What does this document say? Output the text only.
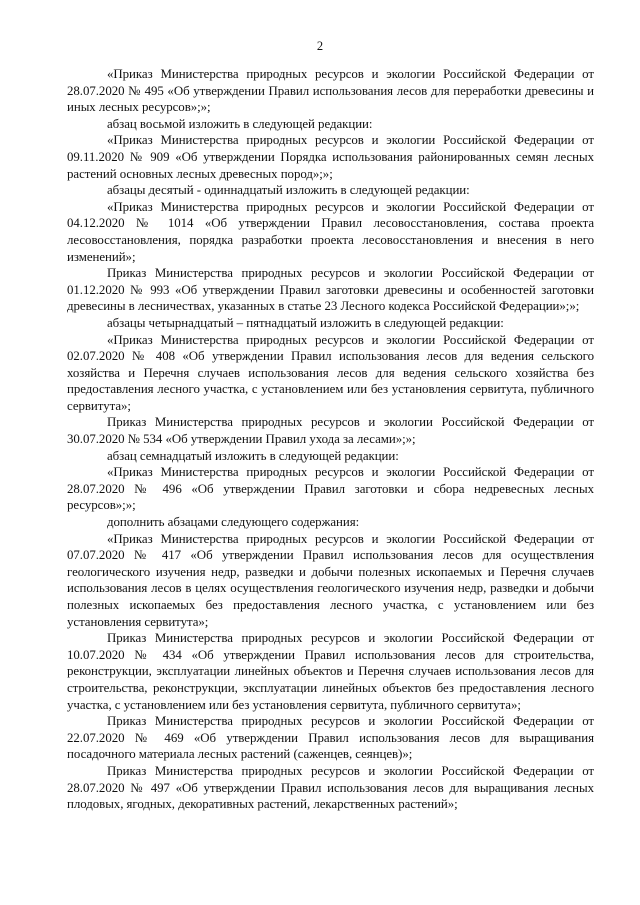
2

«Приказ Министерства природных ресурсов и экологии Российской Федерации от 28.07.2020 № 495 «Об утверждении Правил использования лесов для переработки древесины и иных лесных ресурсов»;»;

абзац восьмой изложить в следующей редакции:

«Приказ Министерства природных ресурсов и экологии Российской Федерации от 09.11.2020 № 909 «Об утверждении Порядка использования районированных семян лесных растений основных лесных древесных пород»;»;

абзацы десятый - одиннадцатый изложить в следующей редакции:

«Приказ Министерства природных ресурсов и экологии Российской Федерации от 04.12.2020 № 1014 «Об утверждении Правил лесовосстановления, состава проекта лесовосстановления, порядка разработки проекта лесовосстановления и внесения в него изменений»;

Приказ Министерства природных ресурсов и экологии Российской Федерации от 01.12.2020 № 993 «Об утверждении Правил заготовки древесины и особенностей заготовки древесины в лесничествах, указанных в статье 23 Лесного кодекса Российской Федерации»;»;

абзацы четырнадцатый – пятнадцатый изложить в следующей редакции:

«Приказ Министерства природных ресурсов и экологии Российской Федерации от 02.07.2020 № 408 «Об утверждении Правил использования лесов для ведения сельского хозяйства и Перечня случаев использования лесов для ведения сельского хозяйства без предоставления лесного участка, с установлением или без установления сервитута, публичного сервитута»;

Приказ Министерства природных ресурсов и экологии Российской Федерации от 30.07.2020 № 534 «Об утверждении Правил ухода за лесами»;»;

абзац семнадцатый изложить в следующей редакции:

«Приказ Министерства природных ресурсов и экологии Российской Федерации от 28.07.2020 № 496 «Об утверждении Правил заготовки и сбора недревесных лесных ресурсов»;»;

дополнить абзацами следующего содержания:

«Приказ Министерства природных ресурсов и экологии Российской Федерации от 07.07.2020 № 417 «Об утверждении Правил использования лесов для осуществления геологического изучения недр, разведки и добычи полезных ископаемых и Перечня случаев использования лесов в целях осуществления геологического изучения недр, разведки и добычи полезных ископаемых без предоставления лесного участка, с установлением или без установления сервитута»;

Приказ Министерства природных ресурсов и экологии Российской Федерации от 10.07.2020 № 434 «Об утверждении Правил использования лесов для строительства, реконструкции, эксплуатации линейных объектов и Перечня случаев использования лесов для строительства, реконструкции, эксплуатации линейных объектов без предоставления лесного участка, с установлением или без установления сервитута, публичного сервитута»;

Приказ Министерства природных ресурсов и экологии Российской Федерации от 22.07.2020 № 469 «Об утверждении Правил использования лесов для выращивания посадочного материала лесных растений (саженцев, сеянцев)»;

Приказ Министерства природных ресурсов и экологии Российской Федерации от 28.07.2020 № 497 «Об утверждении Правил использования лесов для выращивания лесных плодовых, ягодных, декоративных растений, лекарственных растений»;
